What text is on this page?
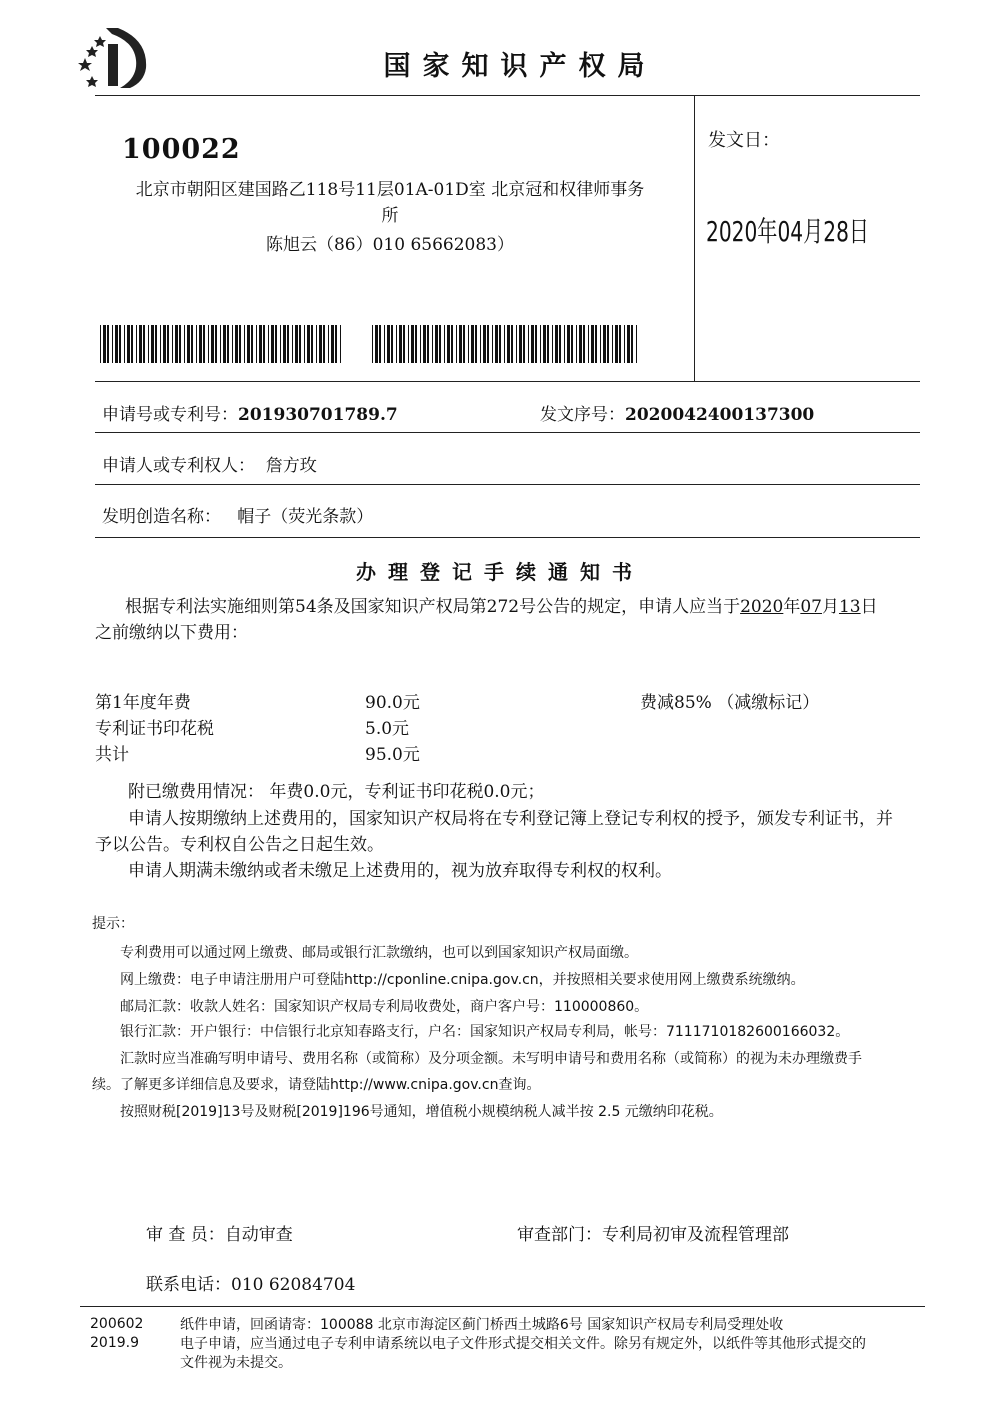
国家知识产权局
100022
北京市朝阳区建国路乙118号11层01A-01D室 北京冠和权律师事务
所
陈旭云（86）010 65662083）
发文日：
2020年04月28日
申请号或专利号：201930701789.7	发文序号：2020042400137300
申请人或专利权人： 詹方玫
发明创造名称： 帽子（荧光条款）
办理登记手续通知书
根据专利法实施细则第54条及国家知识产权局第272号公告的规定，申请人应当于2020年07月13日
之前缴纳以下费用：
第1年度年费	90.0元	费减85% （减缴标记）
专利证书印花税	5.0元
共计	95.0元
附已缴费用情况： 年费0.0元，专利证书印花税0.0元；
申请人按期缴纳上述费用的，国家知识产权局将在专利登记簿上登记专利权的授予，颁发专利证书，并
予以公告。专利权自公告之日起生效。
申请人期满未缴纳或者未缴足上述费用的，视为放弃取得专利权的权利。
提示：
专利费用可以通过网上缴费、邮局或银行汇款缴纳，也可以到国家知识产权局面缴。
网上缴费：电子申请注册用户可登陆http://cponline.cnipa.gov.cn，并按照相关要求使用网上缴费系统缴纳。
邮局汇款：收款人姓名：国家知识产权局专利局收费处，商户客户号：110000860。
银行汇款：开户银行：中信银行北京知春路支行，户名：国家知识产权局专利局，帐号：7111710182600166032。
汇款时应当准确写明申请号、费用名称（或简称）及分项金额。未写明申请号和费用名称（或简称）的视为未办理缴费手
续。了解更多详细信息及要求，请登陆http://www.cnipa.gov.cn查询。
按照财税[2019]13号及财税[2019]196号通知，增值税小规模纳税人减半按 2.5 元缴纳印花税。
审 查 员：自动审查	审查部门：专利局初审及流程管理部
联系电话：010 62084704
200602
2019.9
纸件申请，回函请寄：100088 北京市海淀区蓟门桥西土城路6号 国家知识产权局专利局受理处收
电子申请，应当通过电子专利申请系统以电子文件形式提交相关文件。除另有规定外，以纸件等其他形式提交的
文件视为未提交。
